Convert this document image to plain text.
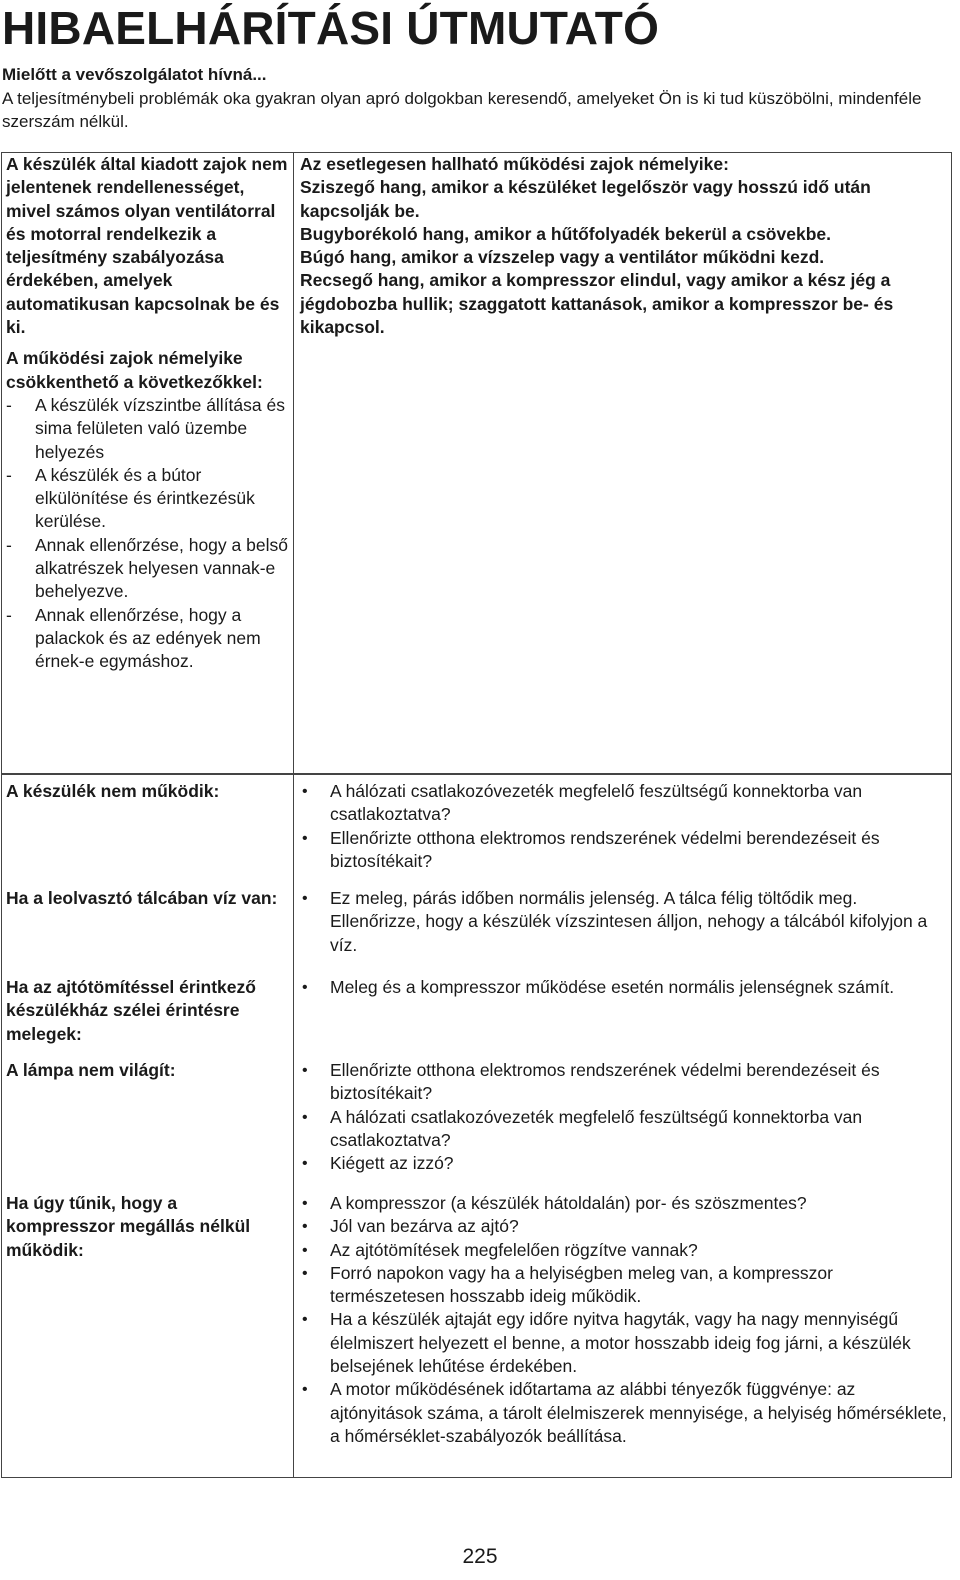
HIBAELHÁRÍTÁSI ÚTMUTATÓ
Mielőtt a vevőszolgálatot hívná...
A teljesítménybeli problémák oka gyakran olyan apró dolgokban keresendő, amelyeket Ön is ki tud küszöbölni, mindenféle szerszám nélkül.
A készülék által kiadott zajok nem jelentenek rendellenességet, mivel számos olyan ventilátorral és motorral rendelkezik a teljesítmény szabályozása érdekében, amelyek automatikusan kapcsolnak be és ki.
A működési zajok némelyike csökkenthető a következőkkel:
-	A készülék vízszintbe állítása és sima felületen való üzembe helyezés
-	A készülék és a bútor elkülönítése és érintkezésük kerülése.
-	Annak ellenőrzése, hogy a belső alkatrészek helyesen vannak-e behelyezve.
-	Annak ellenőrzése, hogy a palackok és az edények nem érnek-e egymáshoz.
Az esetlegesen hallható működési zajok némelyike:
Sziszegő hang, amikor a készüléket legelőször vagy hosszú idő után kapcsolják be.
Bugyborékoló hang, amikor a hűtőfolyadék bekerül a csövekbe.
Búgó hang, amikor a vízszelep vagy a ventilátor működni kezd.
Recsegő hang, amikor a kompresszor elindul, vagy amikor a kész jég a jégdobozba hullik; szaggatott kattanások, amikor a kompresszor be- és kikapcsol.
A készülék nem működik:	• A hálózati csatlakozóvezeték megfelelő feszültségű konnektorba van csatlakoztatva?
• Ellenőrizte otthona elektromos rendszerének védelmi berendezéseit és biztosítékait?
Ha a leolvasztó tálcában víz van:	• Ez meleg, párás időben normális jelenség. A tálca félig töltődik meg. Ellenőrizze, hogy a készülék vízszintesen álljon, nehogy a tálcából kifolyjon a víz.
Ha az ajtótömítéssel érintkező készülékház szélei érintésre melegek:
• Meleg és a kompresszor működése esetén normális jelenségnek számít.
A lámpa nem világít:	• Ellenőrizte otthona elektromos rendszerének védelmi berendezéseit és biztosítékait?
• A hálózati csatlakozóvezeték megfelelő feszültségű konnektorba van csatlakoztatva?
• Kiégett az izzó?
Ha úgy tűnik, hogy a kompresszor megállás nélkül működik:
• A kompresszor (a készülék hátoldalán) por- és szöszmentes?
• Jól van bezárva az ajtó?
• Az ajtótömítések megfelelően rögzítve vannak?
• Forró napokon vagy ha a helyiségben meleg van, a kompresszor természetesen hosszabb ideig működik.
• Ha a készülék ajtaját egy időre nyitva hagyták, vagy ha nagy mennyiségű élelmiszert helyezett el benne, a motor hosszabb ideig fog járni, a készülék belsejének lehűtése érdekében.
• A motor működésének időtartama az alábbi tényezők függvénye: az ajtónyitások száma, a tárolt élelmiszerek mennyisége, a helyiség hőmérséklete, a hőmérséklet-szabályozók beállítása.
225
